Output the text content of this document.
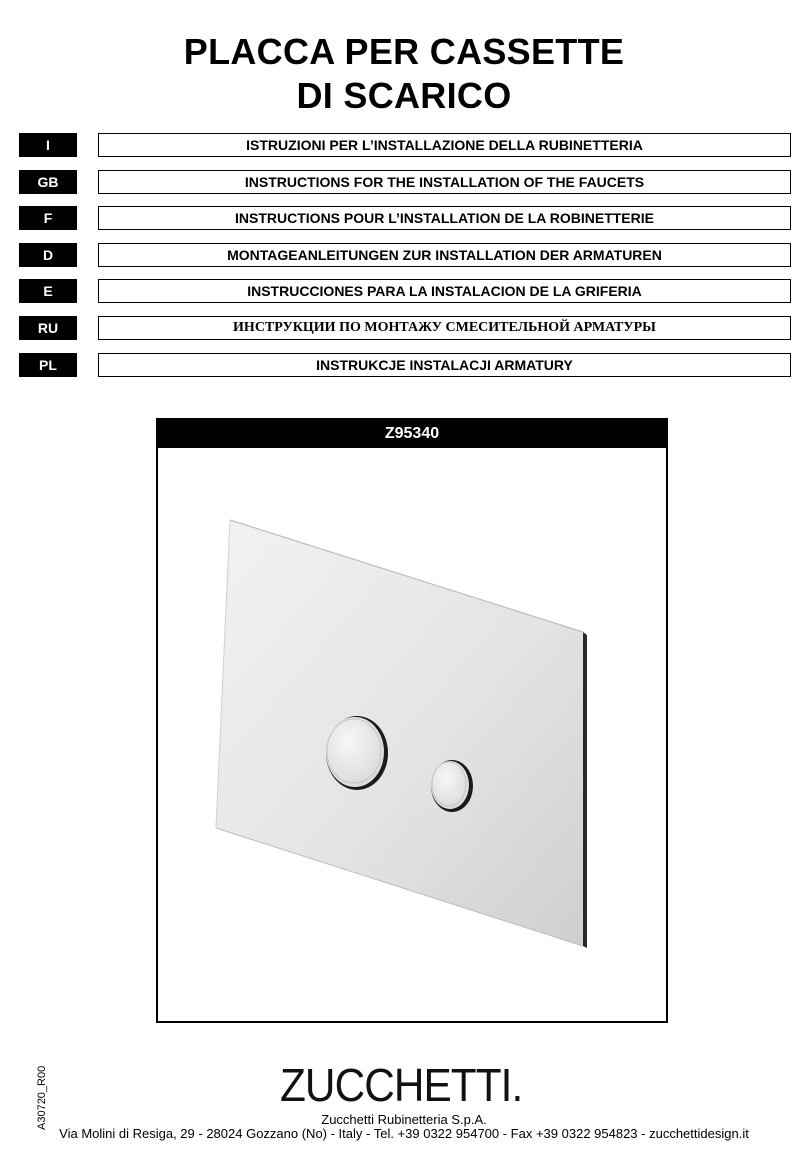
PLACCA PER CASSETTE
DI SCARICO
I	ISTRUZIONI PER L’INSTALLAZIONE DELLA RUBINETTERIA
GB	INSTRUCTIONS FOR THE INSTALLATION OF THE FAUCETS
F	INSTRUCTIONS POUR L’INSTALLATION DE LA ROBINETTERIE
D	MONTAGEANLEITUNGEN ZUR INSTALLATION DER ARMATUREN
E	INSTRUCCIONES PARA LA INSTALACION DE LA GRIFERIA
RU	ИНСТРУКЦИИ ПО МОНТАЖУ СМЕСИТЕЛЬНОЙ АРМАТУРЫ
PL	INSTRUKCJE INSTALACJI ARMATURY
Z95340
ZUCCHETTI.
Zucchetti Rubinetteria S.p.A.
Via Molini di Resiga, 29 - 28024 Gozzano (No) - Italy - Tel. +39 0322 954700 - Fax +39 0322 954823 - zucchettidesign.it
A30720_R00
